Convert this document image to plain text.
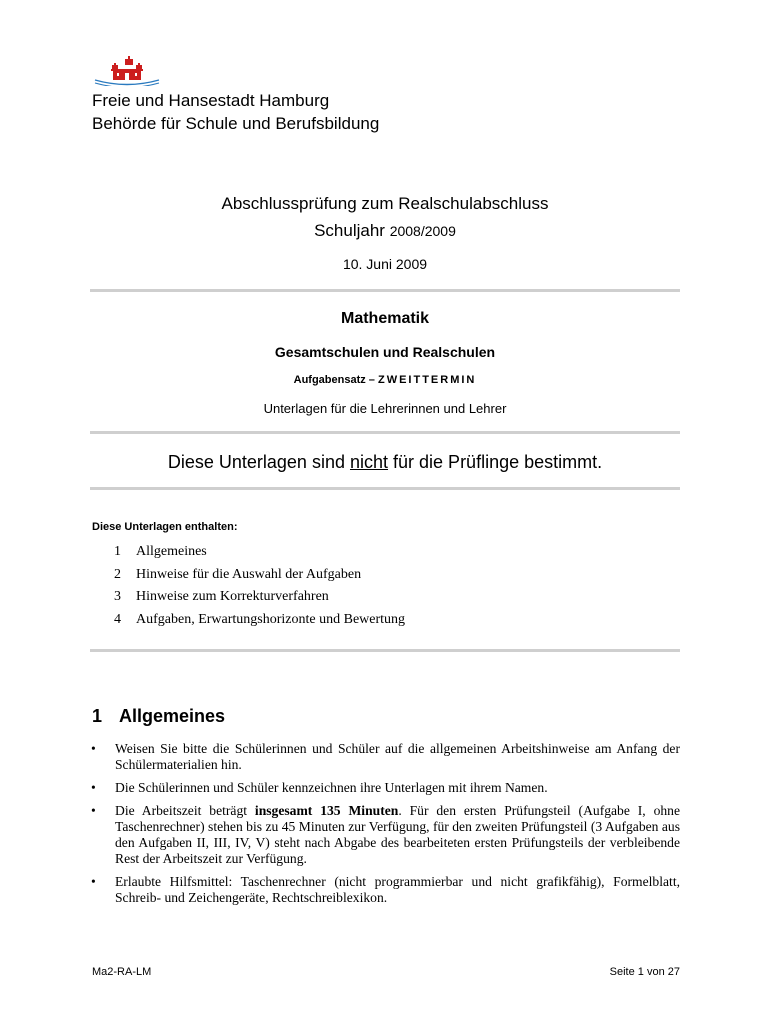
Freie und Hansestadt Hamburg
Behörde für Schule und Berufsbildung
Abschlussprüfung zum Realschulabschluss
Schuljahr 2008/2009
10. Juni 2009
Mathematik
Gesamtschulen und Realschulen
Aufgabensatz – ZWEITTERMIN
Unterlagen für die Lehrerinnen und Lehrer
Diese Unterlagen sind nicht für die Prüflinge bestimmt.
Diese Unterlagen enthalten:
1 Allgemeines
2 Hinweise für die Auswahl der Aufgaben
3 Hinweise zum Korrekturverfahren
4 Aufgaben, Erwartungshorizonte und Bewertung
1 Allgemeines
• Weisen Sie bitte die Schülerinnen und Schüler auf die allgemeinen Arbeitshinweise am Anfang der Schülermaterialien hin.
• Die Schülerinnen und Schüler kennzeichnen ihre Unterlagen mit ihrem Namen.
• Die Arbeitszeit beträgt insgesamt 135 Minuten. Für den ersten Prüfungsteil (Aufgabe I, ohne Taschenrechner) stehen bis zu 45 Minuten zur Verfügung, für den zweiten Prüfungsteil (3 Aufgaben aus den Aufgaben II, III, IV, V) steht nach Abgabe des bearbeiteten ersten Prüfungsteils der verbleibende Rest der Arbeitszeit zur Verfügung.
• Erlaubte Hilfsmittel: Taschenrechner (nicht programmierbar und nicht grafikfähig), Formelblatt, Schreib- und Zeichengeräte, Rechtschreiblexikon.
Ma2-RA-LM	Seite 1 von 27
